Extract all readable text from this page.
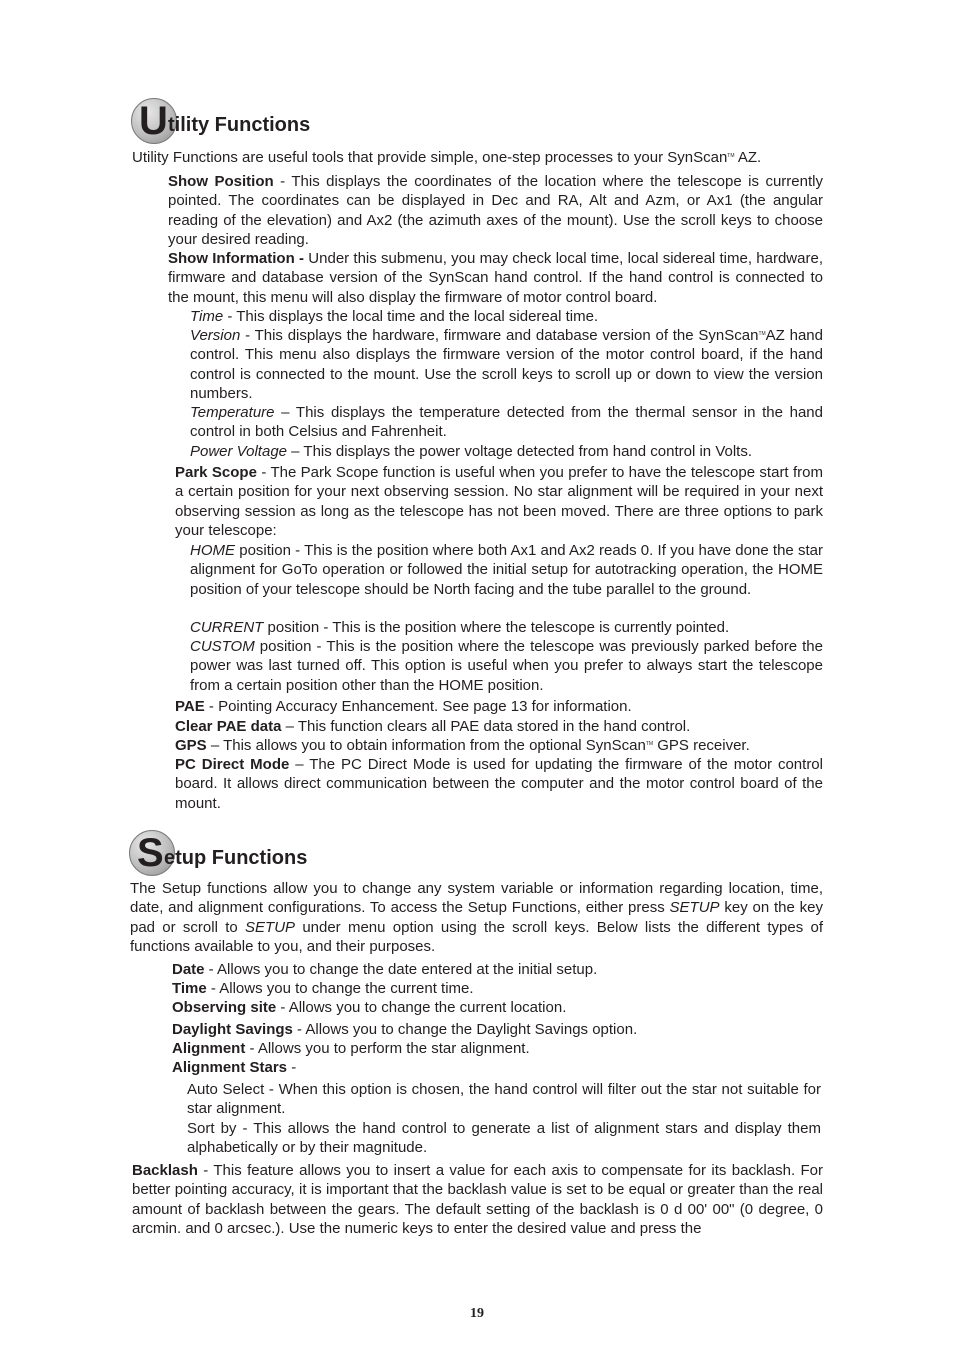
U tility Functions
Utility Functions are useful tools that provide simple, one-step processes to your SynScan™ AZ.
Show Position - This displays the coordinates of the location where the telescope is currently pointed. The coordinates can be displayed in Dec and RA, Alt and Azm, or Ax1 (the angular reading of the elevation) and Ax2 (the azimuth axes of the mount). Use the scroll keys to choose your desired reading.
Show Information - Under this submenu, you may check local time, local sidereal time, hardware, firmware and database version of the SynScan hand control. If the hand control is connected to the mount, this menu will also display the firmware of motor control board.
Time - This displays the local time and the local sidereal time.
Version - This displays the hardware, firmware and database version of the SynScan™AZ hand control. This menu also displays the firmware version of the motor control board, if the hand control is connected to the mount. Use the scroll keys to scroll up or down to view the version numbers.
Temperature – This displays the temperature detected from the thermal sensor in the hand control in both Celsius and Fahrenheit.
Power Voltage – This displays the power voltage detected from hand control in Volts.
Park Scope - The Park Scope function is useful when you prefer to have the telescope start from a certain position for your next observing session. No star alignment will be required in your next observing session as long as the telescope has not been moved. There are three options to park your telescope:
HOME position - This is the position where both Ax1 and Ax2 reads 0. If you have done the star alignment for GoTo operation or followed the initial setup for autotracking operation, the HOME position of your telescope should be North facing and the tube parallel to the ground.
CURRENT position - This is the position where the telescope is currently pointed.
CUSTOM position - This is the position where the telescope was previously parked before the power was last turned off. This option is useful when you prefer to always start the telescope from a certain position other than the HOME position.
PAE - Pointing Accuracy Enhancement. See page 13 for information.
Clear PAE data – This function clears all PAE data stored in the hand control.
GPS – This allows you to obtain information from the optional SynScan™ GPS receiver.
PC Direct Mode – The PC Direct Mode is used for updating the firmware of the motor control board. It allows direct communication between the computer and the motor control board of the mount.
S etup Functions
The Setup functions allow you to change any system variable or information regarding location, time, date, and alignment configurations. To access the Setup Functions, either press SETUP key on the key pad or scroll to SETUP under menu option using the scroll keys. Below lists the different types of functions available to you, and their purposes.
Date - Allows you to change the date entered at the initial setup.
Time - Allows you to change the current time.
Observing site - Allows you to change the current location.
Daylight Savings - Allows you to change the Daylight Savings option.
Alignment - Allows you to perform the star alignment.
Alignment Stars -
Auto Select - When this option is chosen, the hand control will filter out the star not suitable for star alignment.
Sort by - This allows the hand control to generate a list of alignment stars and display them alphabetically or by their magnitude.
Backlash - This feature allows you to insert a value for each axis to compensate for its backlash. For better pointing accuracy, it is important that the backlash value is set to be equal or greater than the real amount of backlash between the gears. The default setting of the backlash is 0 d 00' 00" (0 degree, 0 arcmin. and 0 arcsec.). Use the numeric keys to enter the desired value and press the
19
